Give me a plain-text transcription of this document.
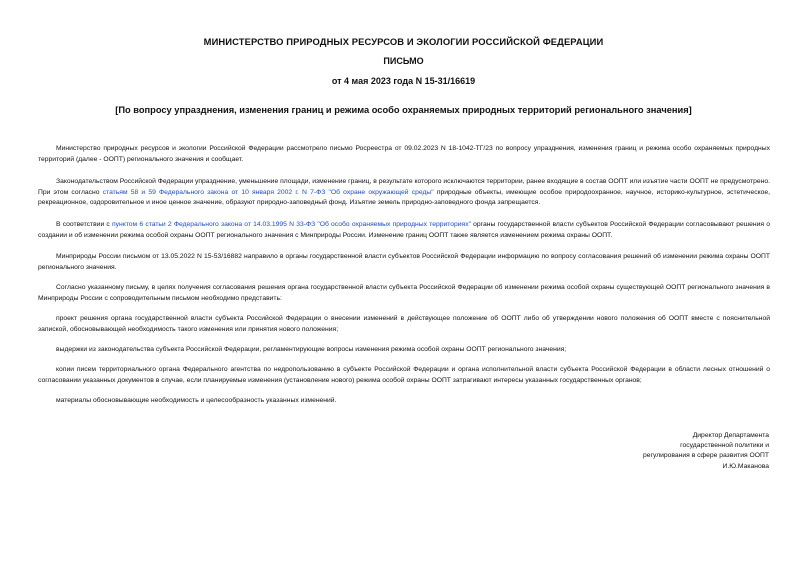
МИНИСТЕРСТВО ПРИРОДНЫХ РЕСУРСОВ И ЭКОЛОГИИ РОССИЙСКОЙ ФЕДЕРАЦИИ
ПИСЬМО
от 4 мая 2023 года N 15-31/16619
[По вопросу упразднения, изменения границ и режима особо охраняемых природных территорий регионального значения]

Министерство природных ресурсов и экологии Российской Федерации рассмотрело письмо Росреестра от 09.02.2023 N 18-1042-ТГ/23 по вопросу упразднения, изменения границ и режима особо охраняемых природных территорий (далее - ООПТ) регионального значения и сообщает.

Законодательством Российской Федерации упразднение, уменьшение площади, изменение границ, в результате которого исключаются территории, ранее входящие в состав ООПТ или изъятие части ООПТ не предусмотрено. При этом согласно статьям 58 и 59 Федерального закона от 10 января 2002 г. N 7-ФЗ "Об охране окружающей среды" природные объекты, имеющие особое природоохранное, научное, историко-культурное, эстетическое, рекреационное, оздоровительное и иное ценное значение, образуют природно-заповедный фонд. Изъятие земель природно-заповедного фонда запрещается.

В соответствии с пунктом 6 статьи 2 Федерального закона от 14.03.1995 N 33-ФЗ "Об особо охраняемых природных территориях" органы государственной власти субъектов Российской Федерации согласовывают решения о создании и об изменении режима особой охраны ООПТ регионального значения с Минприроды России. Изменение границ ООПТ также является изменением режима охраны ООПТ.

Минприроды России письмом от 13.05.2022 N 15-53/16882 направило в органы государственной власти субъектов Российской Федерации информацию по вопросу согласования решений об изменении режима охраны ООПТ регионального значения.

Согласно указанному письму, в целях получения согласования решения органа государственной власти субъекта Российской Федерации об изменении режима особой охраны существующей ООПТ регионального значения в Минприроды России с сопроводительным письмом необходимо представить:

проект решения органа государственной власти субъекта Российской Федерации о внесении изменений в действующее положение об ООПТ либо об утверждении нового положения об ООПТ вместе с пояснительной запиской, обосновывающей необходимость такого изменения или принятия нового положения;

выдержки из законодательства субъекта Российской Федерации, регламентирующие вопросы изменения режима особой охраны ООПТ регионального значения;

копии писем территориального органа Федерального агентства по недропользованию в субъекте Российской Федерации и органа исполнительной власти субъекта Российской Федерации в области лесных отношений о согласовании указанных документов в случае, если планируемые изменения (установление нового) режима особой охраны ООПТ затрагивают интересы указанных государственных органов;

материалы обосновывающие необходимость и целесообразность указанных изменений.

Директор Департамента
государственной политики и
регулирования в сфере развития ООПТ
И.Ю.Маканова
